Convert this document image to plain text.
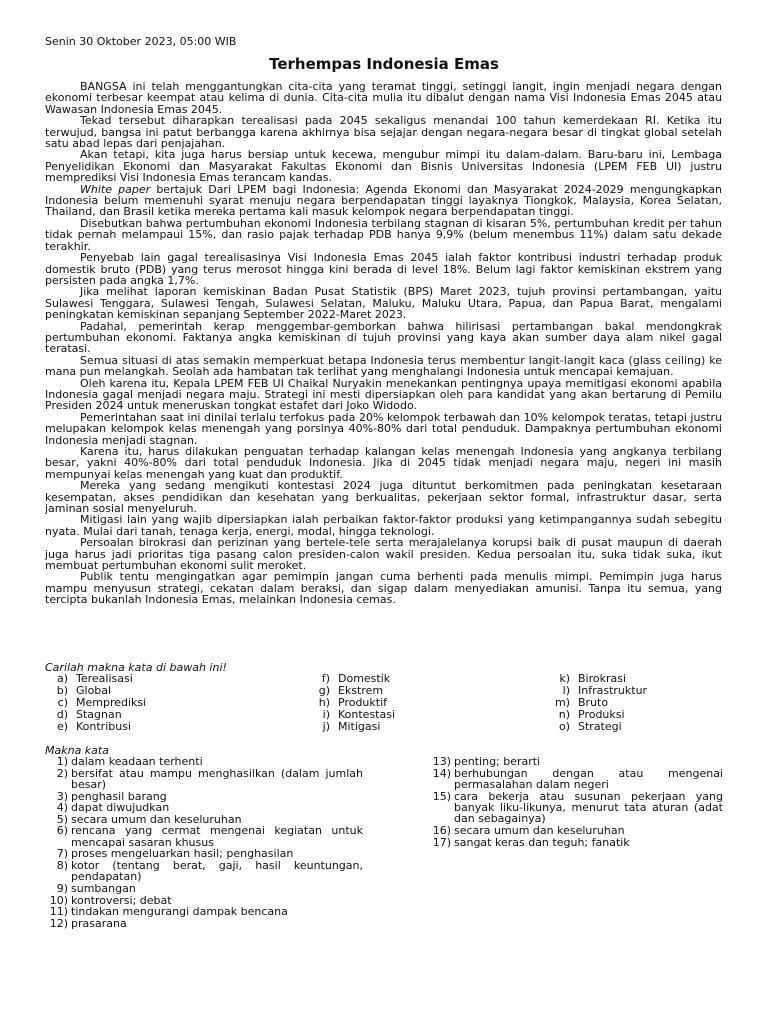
Senin 30 Oktober 2023, 05:00 WIB
Terhempas Indonesia Emas

BANGSA ini telah menggantungkan cita-cita yang teramat tinggi, setinggi langit, ingin menjadi negara dengan ekonomi terbesar keempat atau kelima di dunia. Cita-cita mulia itu dibalut dengan nama Visi Indonesia Emas 2045 atau Wawasan Indonesia Emas 2045.

Tekad tersebut diharapkan terealisasi pada 2045 sekaligus menandai 100 tahun kemerdekaan RI. Ketika itu terwujud, bangsa ini patut berbangga karena akhirnya bisa sejajar dengan negara-negara besar di tingkat global setelah satu abad lepas dari penjajahan.

Akan tetapi, kita juga harus bersiap untuk kecewa, mengubur mimpi itu dalam-dalam. Baru-baru ini, Lembaga Penyelidikan Ekonomi dan Masyarakat Fakultas Ekonomi dan Bisnis Universitas Indonesia (LPEM FEB UI) justru memprediksi Visi Indonesia Emas terancam kandas.

White paper bertajuk Dari LPEM bagi Indonesia: Agenda Ekonomi dan Masyarakat 2024-2029 mengungkapkan Indonesia belum memenuhi syarat menuju negara berpendapatan tinggi layaknya Tiongkok, Malaysia, Korea Selatan, Thailand, dan Brasil ketika mereka pertama kali masuk kelompok negara berpendapatan tinggi.

Disebutkan bahwa pertumbuhan ekonomi Indonesia terbilang stagnan di kisaran 5%, pertumbuhan kredit per tahun tidak pernah melampaui 15%, dan rasio pajak terhadap PDB hanya 9,9% (belum menembus 11%) dalam satu dekade terakhir.

Penyebab lain gagal terealisasinya Visi Indonesia Emas 2045 ialah faktor kontribusi industri terhadap produk domestik bruto (PDB) yang terus merosot hingga kini berada di level 18%. Belum lagi faktor kemiskinan ekstrem yang persisten pada angka 1,7%.

Jika melihat laporan kemiskinan Badan Pusat Statistik (BPS) Maret 2023, tujuh provinsi pertambangan, yaitu Sulawesi Tenggara, Sulawesi Tengah, Sulawesi Selatan, Maluku, Maluku Utara, Papua, dan Papua Barat, mengalami peningkatan kemiskinan sepanjang September 2022-Maret 2023.

Padahal, pemerintah kerap menggembar-gemborkan bahwa hilirisasi pertambangan bakal mendongkrak pertumbuhan ekonomi. Faktanya angka kemiskinan di tujuh provinsi yang kaya akan sumber daya alam nikel gagal teratasi.

Semua situasi di atas semakin memperkuat betapa Indonesia terus membentur langit-langit kaca (glass ceiling) ke mana pun melangkah. Seolah ada hambatan tak terlihat yang menghalangi Indonesia untuk mencapai kemajuan.

Oleh karena itu, Kepala LPEM FEB UI Chaikal Nuryakin menekankan pentingnya upaya memitigasi ekonomi apabila Indonesia gagal menjadi negara maju. Strategi ini mesti dipersiapkan oleh para kandidat yang akan bertarung di Pemilu Presiden 2024 untuk meneruskan tongkat estafet dari Joko Widodo.

Pemerintahan saat ini dinilai terlalu terfokus pada 20% kelompok terbawah dan 10% kelompok teratas, tetapi justru melupakan kelompok kelas menengah yang porsinya 40%-80% dari total penduduk. Dampaknya pertumbuhan ekonomi Indonesia menjadi stagnan.

Karena itu, harus dilakukan penguatan terhadap kalangan kelas menengah Indonesia yang angkanya terbilang besar, yakni 40%-80% dari total penduduk Indonesia. Jika di 2045 tidak menjadi negara maju, negeri ini masih mempunyai kelas menengah yang kuat dan produktif.

Mereka yang sedang mengikuti kontestasi 2024 juga dituntut berkomitmen pada peningkatan kesetaraan kesempatan, akses pendidikan dan kesehatan yang berkualitas, pekerjaan sektor formal, infrastruktur dasar, serta jaminan sosial menyeluruh.

Mitigasi lain yang wajib dipersiapkan ialah perbaikan faktor-faktor produksi yang ketimpangannya sudah sebegitu nyata. Mulai dari tanah, tenaga kerja, energi, modal, hingga teknologi.

Persoalan birokrasi dan perizinan yang bertele-tele serta merajalelanya korupsi baik di pusat maupun di daerah juga harus jadi prioritas tiga pasang calon presiden-calon wakil presiden. Kedua persoalan itu, suka tidak suka, ikut membuat pertumbuhan ekonomi sulit meroket.

Publik tentu mengingatkan agar pemimpin jangan cuma berhenti pada menulis mimpi. Pemimpin juga harus mampu menyusun strategi, cekatan dalam beraksi, dan sigap dalam menyediakan amunisi. Tanpa itu semua, yang tercipta bukanlah Indonesia Emas, melainkan Indonesia cemas.

Carilah makna kata di bawah ini!
a) Terealisasi
b) Global
c) Memprediksi
d) Stagnan
e) Kontribusi
f) Domestik
g) Ekstrem
h) Produktif
i) Kontestasi
j) Mitigasi
k) Birokrasi
l) Infrastruktur
m) Bruto
n) Produksi
o) Strategi
Makna kata
1) dalam keadaan terhenti
2) bersifat atau mampu menghasilkan (dalam jumlah besar)
3) penghasil barang
4) dapat diwujudkan
5) secara umum dan keseluruhan
6) rencana yang cermat mengenai kegiatan untuk mencapai sasaran khusus
7) proses mengeluarkan hasil; penghasilan
8) kotor (tentang berat, gaji, hasil keuntungan, pendapatan)
9) sumbangan
10) kontroversi; debat
11) tindakan mengurangi dampak bencana
12) prasarana
13) penting; berarti
14) berhubungan dengan atau mengenai permasalahan dalam negeri
15) cara bekerja atau susunan pekerjaan yang banyak liku-likunya, menurut tata aturan (adat dan sebagainya)
16) secara umum dan keseluruhan
17) sangat keras dan teguh; fanatik
